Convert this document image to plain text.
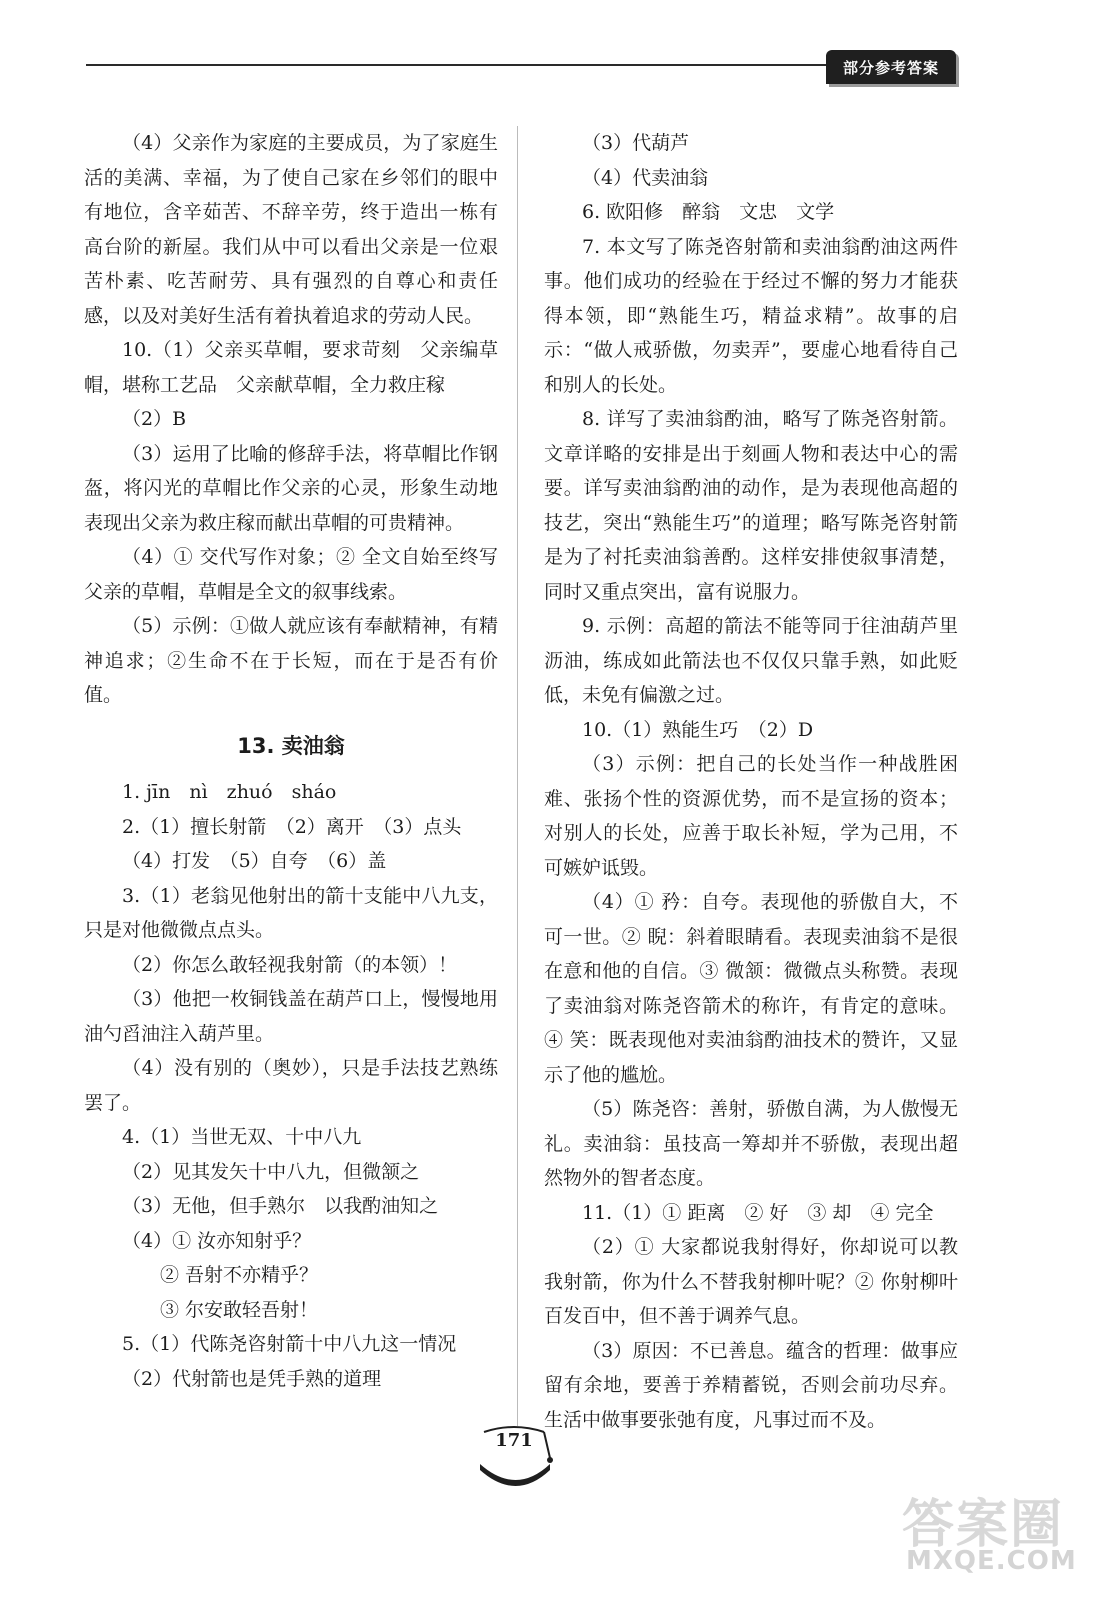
部分参考答案

（4）父亲作为家庭的主要成员，为了家庭生活的美满、幸福，为了使自己家在乡邻们的眼中有地位，含辛茹苦、不辞辛劳，终于造出一栋有高台阶的新屋。我们从中可以看出父亲是一位艰苦朴素、吃苦耐劳、具有强烈的自尊心和责任感，以及对美好生活有着执着追求的劳动人民。

10.（1）父亲买草帽，要求苛刻　父亲编草帽，堪称工艺品　父亲献草帽，全力救庄稼

（2）B

（3）运用了比喻的修辞手法，将草帽比作钢盔，将闪光的草帽比作父亲的心灵，形象生动地表现出父亲为救庄稼而献出草帽的可贵精神。

（4）① 交代写作对象；② 全文自始至终写父亲的草帽，草帽是全文的叙事线索。

（5）示例：①做人就应该有奉献精神，有精神追求；②生命不在于长短，而在于是否有价值。

13. 卖油翁

1. jīn　nì　zhuó　sháo

2.（1）擅长射箭　（2）离开　（3）点头

（4）打发　（5）自夸　（6）盖

3.（1）老翁见他射出的箭十支能中八九支，只是对他微微点点头。

（2）你怎么敢轻视我射箭（的本领）！

（3）他把一枚铜钱盖在葫芦口上，慢慢地用油勺舀油注入葫芦里。

（4）没有别的（奥妙），只是手法技艺熟练罢了。

4.（1）当世无双、十中八九

（2）见其发矢十中八九，但微颔之

（3）无他，但手熟尔　以我酌油知之

（4）① 汝亦知射乎？

② 吾射不亦精乎？

③ 尔安敢轻吾射！

5.（1）代陈尧咨射箭十中八九这一情况

（2）代射箭也是凭手熟的道理

（3）代葫芦

（4）代卖油翁

6. 欧阳修　醉翁　文忠　文学

7. 本文写了陈尧咨射箭和卖油翁酌油这两件事。他们成功的经验在于经过不懈的努力才能获得本领，即“熟能生巧，精益求精”。故事的启示：“做人戒骄傲，勿卖弄”，要虚心地看待自己和别人的长处。

8. 详写了卖油翁酌油，略写了陈尧咨射箭。文章详略的安排是出于刻画人物和表达中心的需要。详写卖油翁酌油的动作，是为表现他高超的技艺，突出“熟能生巧”的道理；略写陈尧咨射箭是为了衬托卖油翁善酌。这样安排使叙事清楚，同时又重点突出，富有说服力。

9. 示例：高超的箭法不能等同于往油葫芦里沥油，练成如此箭法也不仅仅只靠手熟，如此贬低，未免有偏激之过。

10.（1）熟能生巧　（2）D

（3）示例：把自己的长处当作一种战胜困难、张扬个性的资源优势，而不是宣扬的资本；对别人的长处，应善于取长补短，学为己用，不可嫉妒诋毁。

（4）① 矜：自夸。表现他的骄傲自大，不可一世。② 睨：斜着眼睛看。表现卖油翁不是很在意和他的自信。③ 微颔：微微点头称赞。表现了卖油翁对陈尧咨箭术的称许，有肯定的意味。④ 笑：既表现他对卖油翁酌油技术的赞许，又显示了他的尴尬。

（5）陈尧咨：善射，骄傲自满，为人傲慢无礼。卖油翁：虽技高一筹却并不骄傲，表现出超然物外的智者态度。

11.（1）① 距离　② 好　③ 却　④ 完全

（2）① 大家都说我射得好，你却说可以教我射箭，你为什么不替我射柳叶呢？② 你射柳叶百发百中，但不善于调养气息。

（3）原因：不已善息。蕴含的哲理：做事应留有余地，要善于养精蓄锐，否则会前功尽弃。生活中做事要张弛有度，凡事过而不及。

171
答案圈
MXQE.COM
